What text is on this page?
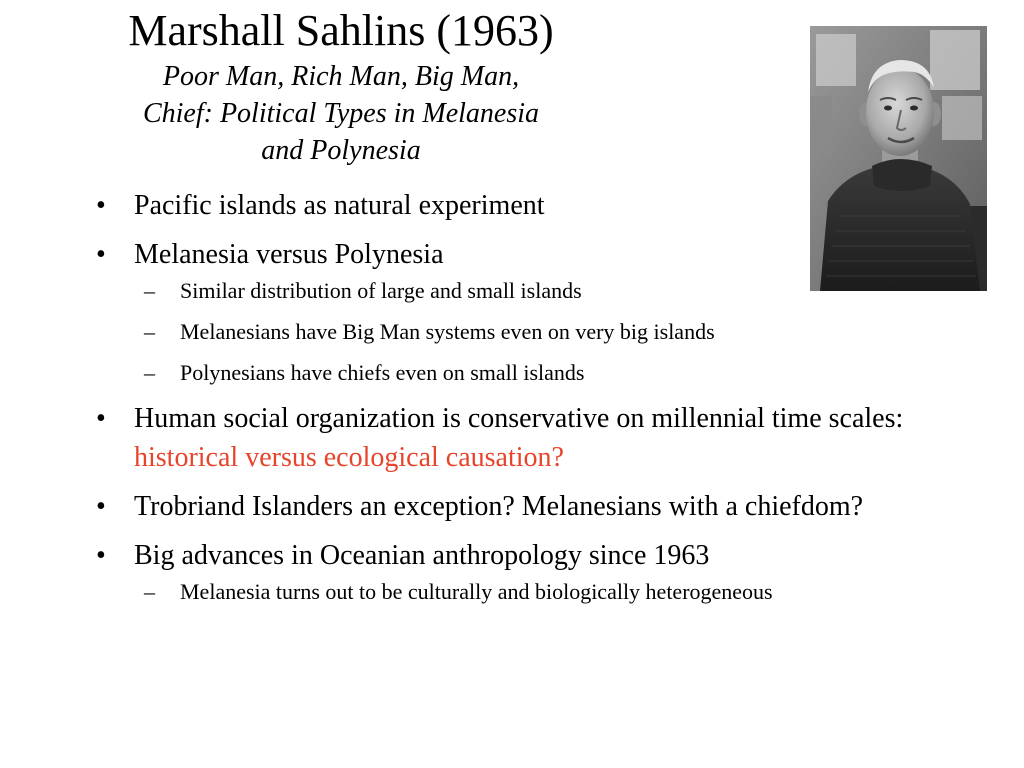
Marshall Sahlins (1963)
Poor Man, Rich Man, Big Man,
Chief: Political Types in Melanesia
and Polynesia
• Pacific islands as natural experiment
• Melanesia versus Polynesia
– Similar distribution of large and small islands
– Melanesians have Big Man systems even on very big islands
– Polynesians have chiefs even on small islands
• Human social organization is conservative on millennial time scales: historical versus ecological causation?
• Trobriand Islanders an exception? Melanesians with a chiefdom?
• Big advances in Oceanian anthropology since 1963
– Melanesia turns out to be culturally and biologically heterogeneous
